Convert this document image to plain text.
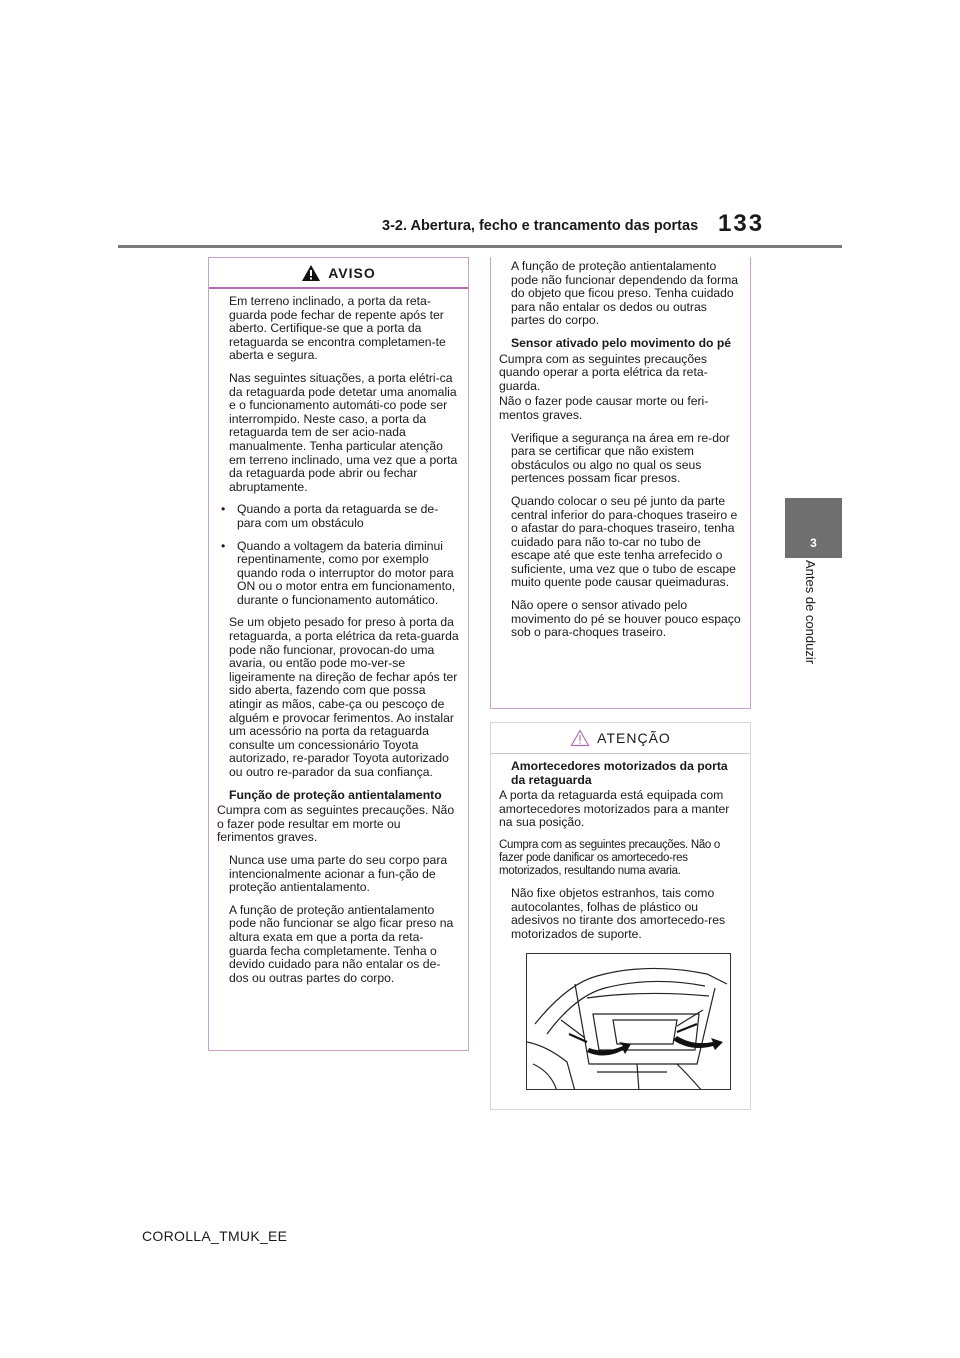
3-2. Abertura, fecho e trancamento das portas 133
3
Antes de conduzir
AVISO
Em terreno inclinado, a porta da reta-guarda pode fechar de repente após ter aberto. Certifique-se que a porta da retaguarda se encontra completamen-te aberta e segura.
Nas seguintes situações, a porta elétri-ca da retaguarda pode detetar uma anomalia e o funcionamento automáti-co pode ser interrompido. Neste caso, a porta da retaguarda tem de ser acio-nada manualmente. Tenha particular atenção em terreno inclinado, uma vez que a porta da retaguarda pode abrir ou fechar abruptamente.
• Quando a porta da retaguarda se de-para com um obstáculo
• Quando a voltagem da bateria diminui repentinamente, como por exemplo quando roda o interruptor do motor para ON ou o motor entra em funcionamento, durante o funcionamento automático.
Se um objeto pesado for preso à porta da retaguarda, a porta elétrica da reta-guarda pode não funcionar, provocan-do uma avaria, ou então pode mo-ver-se ligeiramente na direção de fechar após ter sido aberta, fazendo com que possa atingir as mãos, cabe-ça ou pescoço de alguém e provocar ferimentos. Ao instalar um acessório na porta da retaguarda consulte um concessionário Toyota autorizado, re-parador Toyota autorizado ou outro re-parador da sua confiança.
Função de proteção antientalamento
Cumpra com as seguintes precauções. Não o fazer pode resultar em morte ou ferimentos graves.
Nunca use uma parte do seu corpo para intencionalmente acionar a fun-ção de proteção antientalamento.
A função de proteção antientalamento pode não funcionar se algo ficar preso na altura exata em que a porta da reta-guarda fecha completamente. Tenha o devido cuidado para não entalar os de-dos ou outras partes do corpo.
A função de proteção antientalamento pode não funcionar dependendo da forma do objeto que ficou preso. Tenha cuidado para não entalar os dedos ou outras partes do corpo.
Sensor ativado pelo movimento do pé
Cumpra com as seguintes precauções quando operar a porta elétrica da reta-guarda.
Não o fazer pode causar morte ou feri-mentos graves.
Verifique a segurança na área em re-dor para se certificar que não existem obstáculos ou algo no qual os seus pertences possam ficar presos.
Quando colocar o seu pé junto da parte central inferior do para-choques traseiro e o afastar do para-choques traseiro, tenha cuidado para não to-car no tubo de escape até que este tenha arrefecido o suficiente, uma vez que o tubo de escape muito quente pode causar queimaduras.
Não opere o sensor ativado pelo movimento do pé se houver pouco espaço sob o para-choques traseiro.
ATENÇÃO
Amortecedores motorizados da porta da retaguarda
A porta da retaguarda está equipada com amortecedores motorizados para a manter na sua posição.
Cumpra com as seguintes precauções. Não o fazer pode danificar os amortecedo-res motorizados, resultando numa avaria.
Não fixe objetos estranhos, tais como autocolantes, folhas de plástico ou adesivos no tirante dos amortecedo-res motorizados de suporte.
COROLLA_TMUK_EE
